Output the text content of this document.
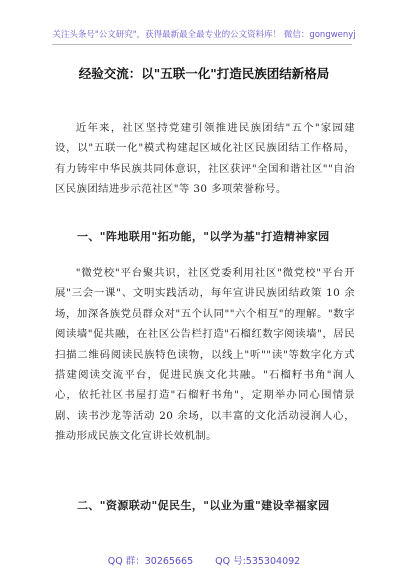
关注头条号"公文研究"，获得最新最全最专业的公文资料库！ 微信：gongwenyj
经验交流：以"五联一化"打造民族团结新格局

近年来，社区坚持党建引领推进民族团结"五个"家园建设，以"五联一化"模式构建起区域化社区民族团结工作格局，有力铸牢中华民族共同体意识，社区获评"全国和谐社区""自治区民族团结进步示范社区"等 30 多项荣誉称号。

一、"阵地联用"拓功能，"以学为基"打造精神家园

"微党校"平台聚共识，社区党委利用社区"微党校"平台开展"三会一课"、文明实践活动，每年宣讲民族团结政策 10 余场，加深各族党员群众对"五个认同""六个相互"的理解。"数字阅读墙"促共融，在社区公告栏打造"石榴红数字阅读墙"，居民扫描二维码阅读民族特色读物，以线上"听""读"等数字化方式搭建阅读交流平台，促进民族文化共融。"石榴籽书角"润人心，依托社区书屋打造"石榴籽书角"，定期举办同心围情景剧、读书沙龙等活动 20 余场，以丰富的文化活动浸润人心，推动形成民族文化宣讲长效机制。

二、"资源联动"促民生，"以业为重"建设幸福家园

QQ 群：30265665 QQ 号:535304092
